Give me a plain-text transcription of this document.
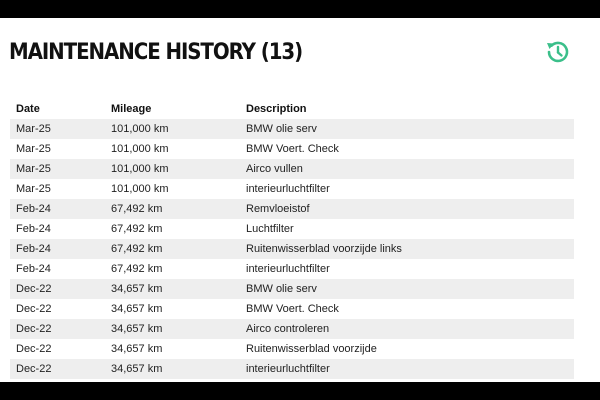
MAINTENANCE HISTORY (13)
Date	Mileage	Description
Mar-25	101,000 km	BMW olie serv
Mar-25	101,000 km	BMW Voert. Check
Mar-25	101,000 km	Airco vullen
Mar-25	101,000 km	interieurluchtfilter
Feb-24	67,492 km	Remvloeistof
Feb-24	67,492 km	Luchtfilter
Feb-24	67,492 km	Ruitenwisserblad voorzijde links
Feb-24	67,492 km	interieurluchtfilter
Dec-22	34,657 km	BMW olie serv
Dec-22	34,657 km	BMW Voert. Check
Dec-22	34,657 km	Airco controleren
Dec-22	34,657 km	Ruitenwisserblad voorzijde
Dec-22	34,657 km	interieurluchtfilter
